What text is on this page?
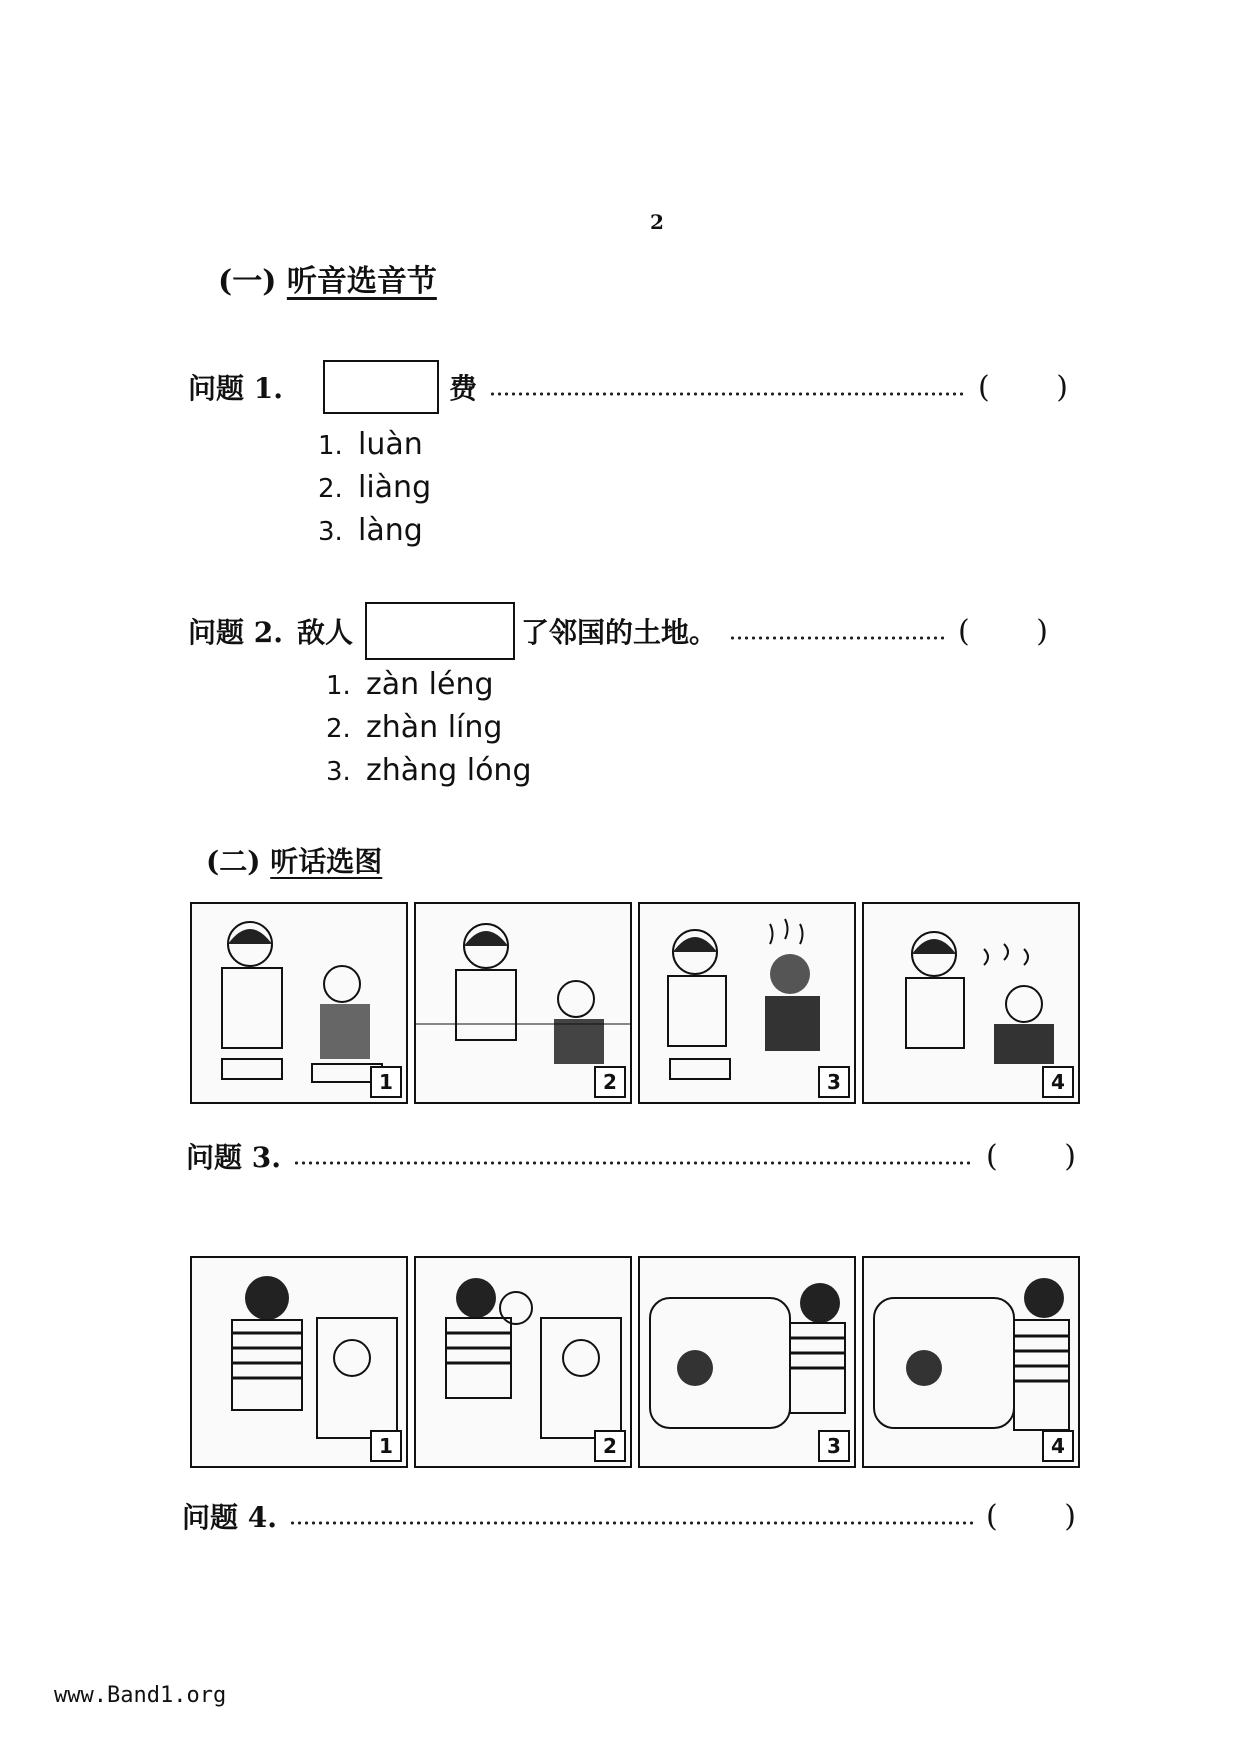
2
(一) 听音选音节
问题 1.	费	( )
1. luàn
2. liàng
3. làng
问题 2. 敌人	了邻国的土地。	( )
1. zàn léng
2. zhàn líng
3. zhàng lóng
(二) 听话选图
1	2	3	4
问题 3.	( )
1	2	3	4
问题 4.	( )
www.Band1.org
